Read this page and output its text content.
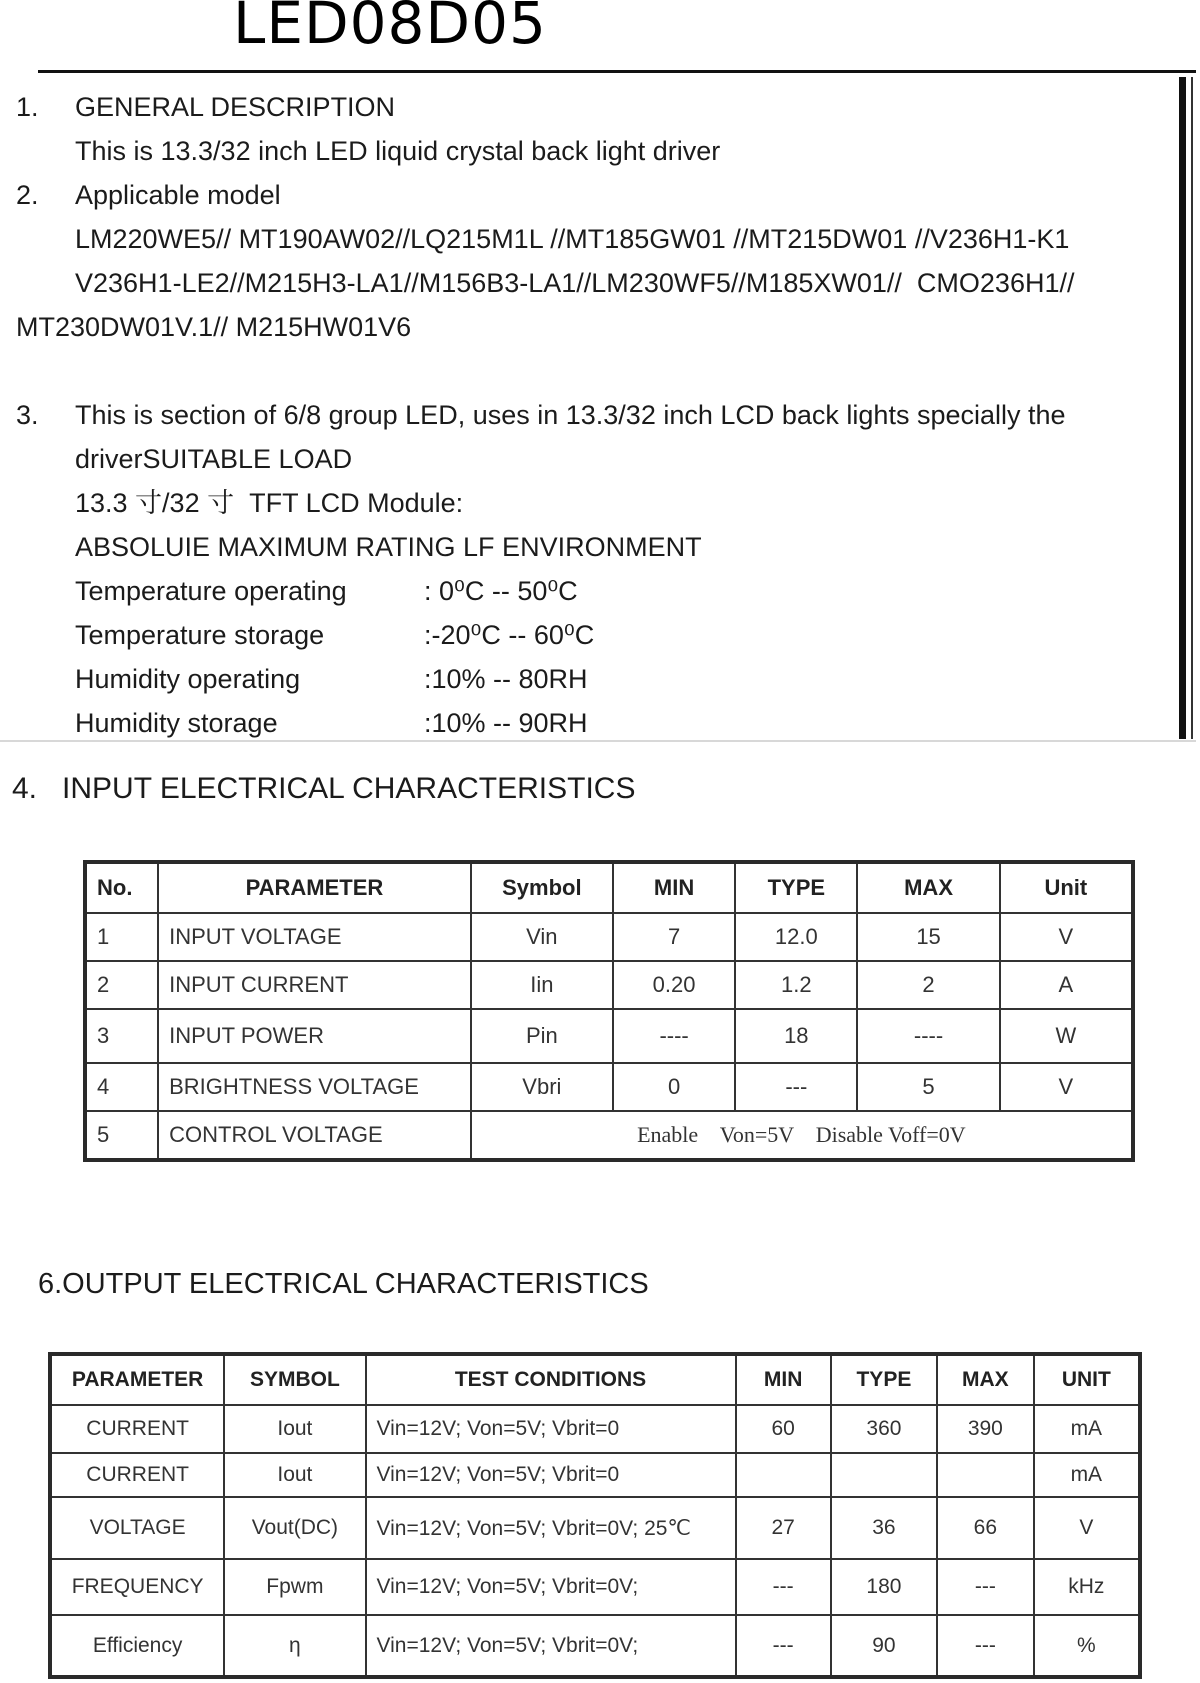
LED08D05
1. GENERAL DESCRIPTION
This is 13.3/32 inch LED liquid crystal back light driver
2. Applicable model
LM220WE5// MT190AW02//LQ215M1L //MT185GW01 //MT215DW01 //V236H1-K1
V236H1-LE2//M215H3-LA1//M156B3-LA1//LM230WF5//M185XW01//  CMO236H1//
MT230DW01V.1// M215HW01V6
3. This is section of 6/8 group LED, uses in 13.3/32 inch LCD back lights specially the
driverSUITABLE LOAD
13.3 寸/32 寸  TFT LCD Module:
ABSOLUIE MAXIMUM RATING LF ENVIRONMENT
Temperature operating	: 0⁰C -- 50⁰C
Temperature storage	:-20⁰C -- 60⁰C
Humidity operating	:10% -- 80RH
Humidity storage	:10% -- 90RH
4.   INPUT ELECTRICAL CHARACTERISTICS
No.	PARAMETER	Symbol	MIN	TYPE	MAX	Unit
1	INPUT VOLTAGE	Vin	7	12.0	15	V
2	INPUT CURRENT	Iin	0.20	1.2	2	A
3	INPUT POWER	Pin	----	18	----	W
4	BRIGHTNESS VOLTAGE	Vbri	0	---	5	V
5	CONTROL VOLTAGE	Enable    Von=5V    Disable Voff=0V				
6.OUTPUT ELECTRICAL CHARACTERISTICS
PARAMETER	SYMBOL	TEST CONDITIONS	MIN	TYPE	MAX	UNIT
CURRENT	Iout	Vin=12V; Von=5V; Vbrit=0	60	360	390	mA
CURRENT	Iout	Vin=12V; Von=5V; Vbrit=0				mA
VOLTAGE	Vout(DC)	Vin=12V; Von=5V; Vbrit=0V; 25℃	27	36	66	V
FREQUENCY	Fpwm	Vin=12V; Von=5V; Vbrit=0V;	---	180	---	kHz
Efficiency	η	Vin=12V; Von=5V; Vbrit=0V;	---	90	---	%
